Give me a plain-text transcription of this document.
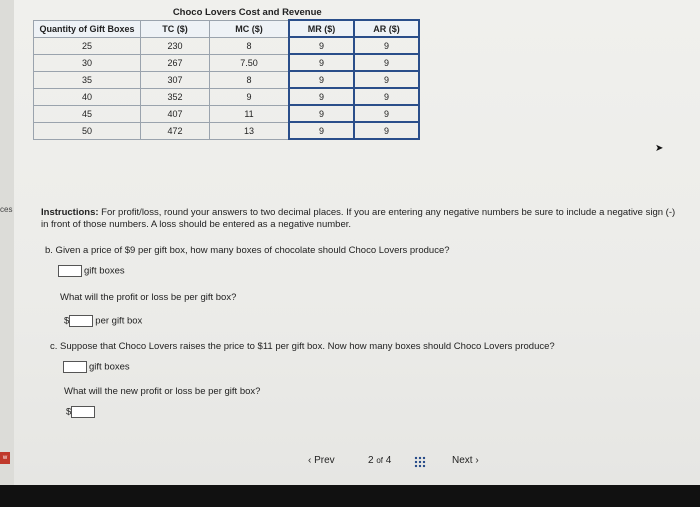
ces
w
	Choco Lovers Cost and Revenue				
Quantity of Gift Boxes	TC ($)	MC ($)	MR ($)	AR ($)	
25	230	8	9	9	
30	267	7.50	9	9	
35	307	8	9	9	
40	352	9	9	9	
45	407	11	9	9	
50	472	13	9	9	
➤
Instructions: For profit/loss, round your answers to two decimal places. If you are entering any negative numbers be sure to include a negative sign (-) in front of those numbers. A loss should be entered as a negative number.
b. Given a price of $9 per gift box, how many boxes of chocolate should Choco Lovers produce?
gift boxes
What will the profit or loss be per gift box?
$	per gift box
c. Suppose that Choco Lovers raises the price to $11 per gift box. Now how many boxes should Choco Lovers produce?
gift boxes
What will the new profit or loss be per gift box?
$
‹ Prev	2 of 4	Next ›
